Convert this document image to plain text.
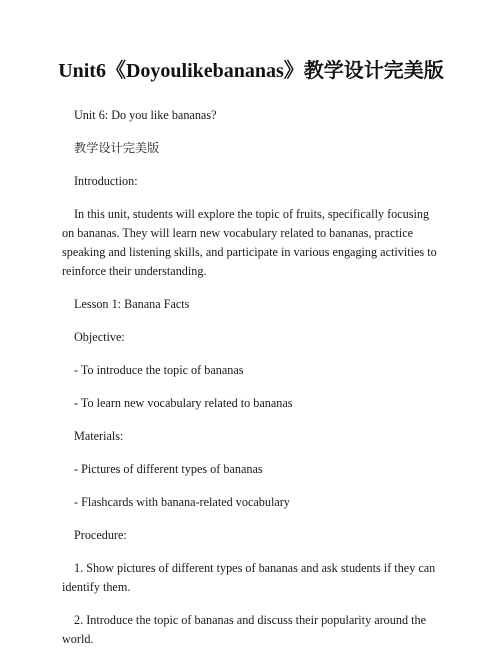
Unit6《Doyoulikebananas》教学设计完美版

Unit 6: Do you like bananas?

教学设计完美版

Introduction:

In this unit, students will explore the topic of fruits, specifically focusing on bananas. They will learn new vocabulary related to bananas, practice speaking and listening skills, and participate in various engaging activities to reinforce their understanding.

Lesson 1: Banana Facts

Objective:

- To introduce the topic of bananas

- To learn new vocabulary related to bananas

Materials:

- Pictures of different types of bananas

- Flashcards with banana-related vocabulary

Procedure:

1. Show pictures of different types of bananas and ask students if they can identify them.

2. Introduce the topic of bananas and discuss their popularity around the world.
